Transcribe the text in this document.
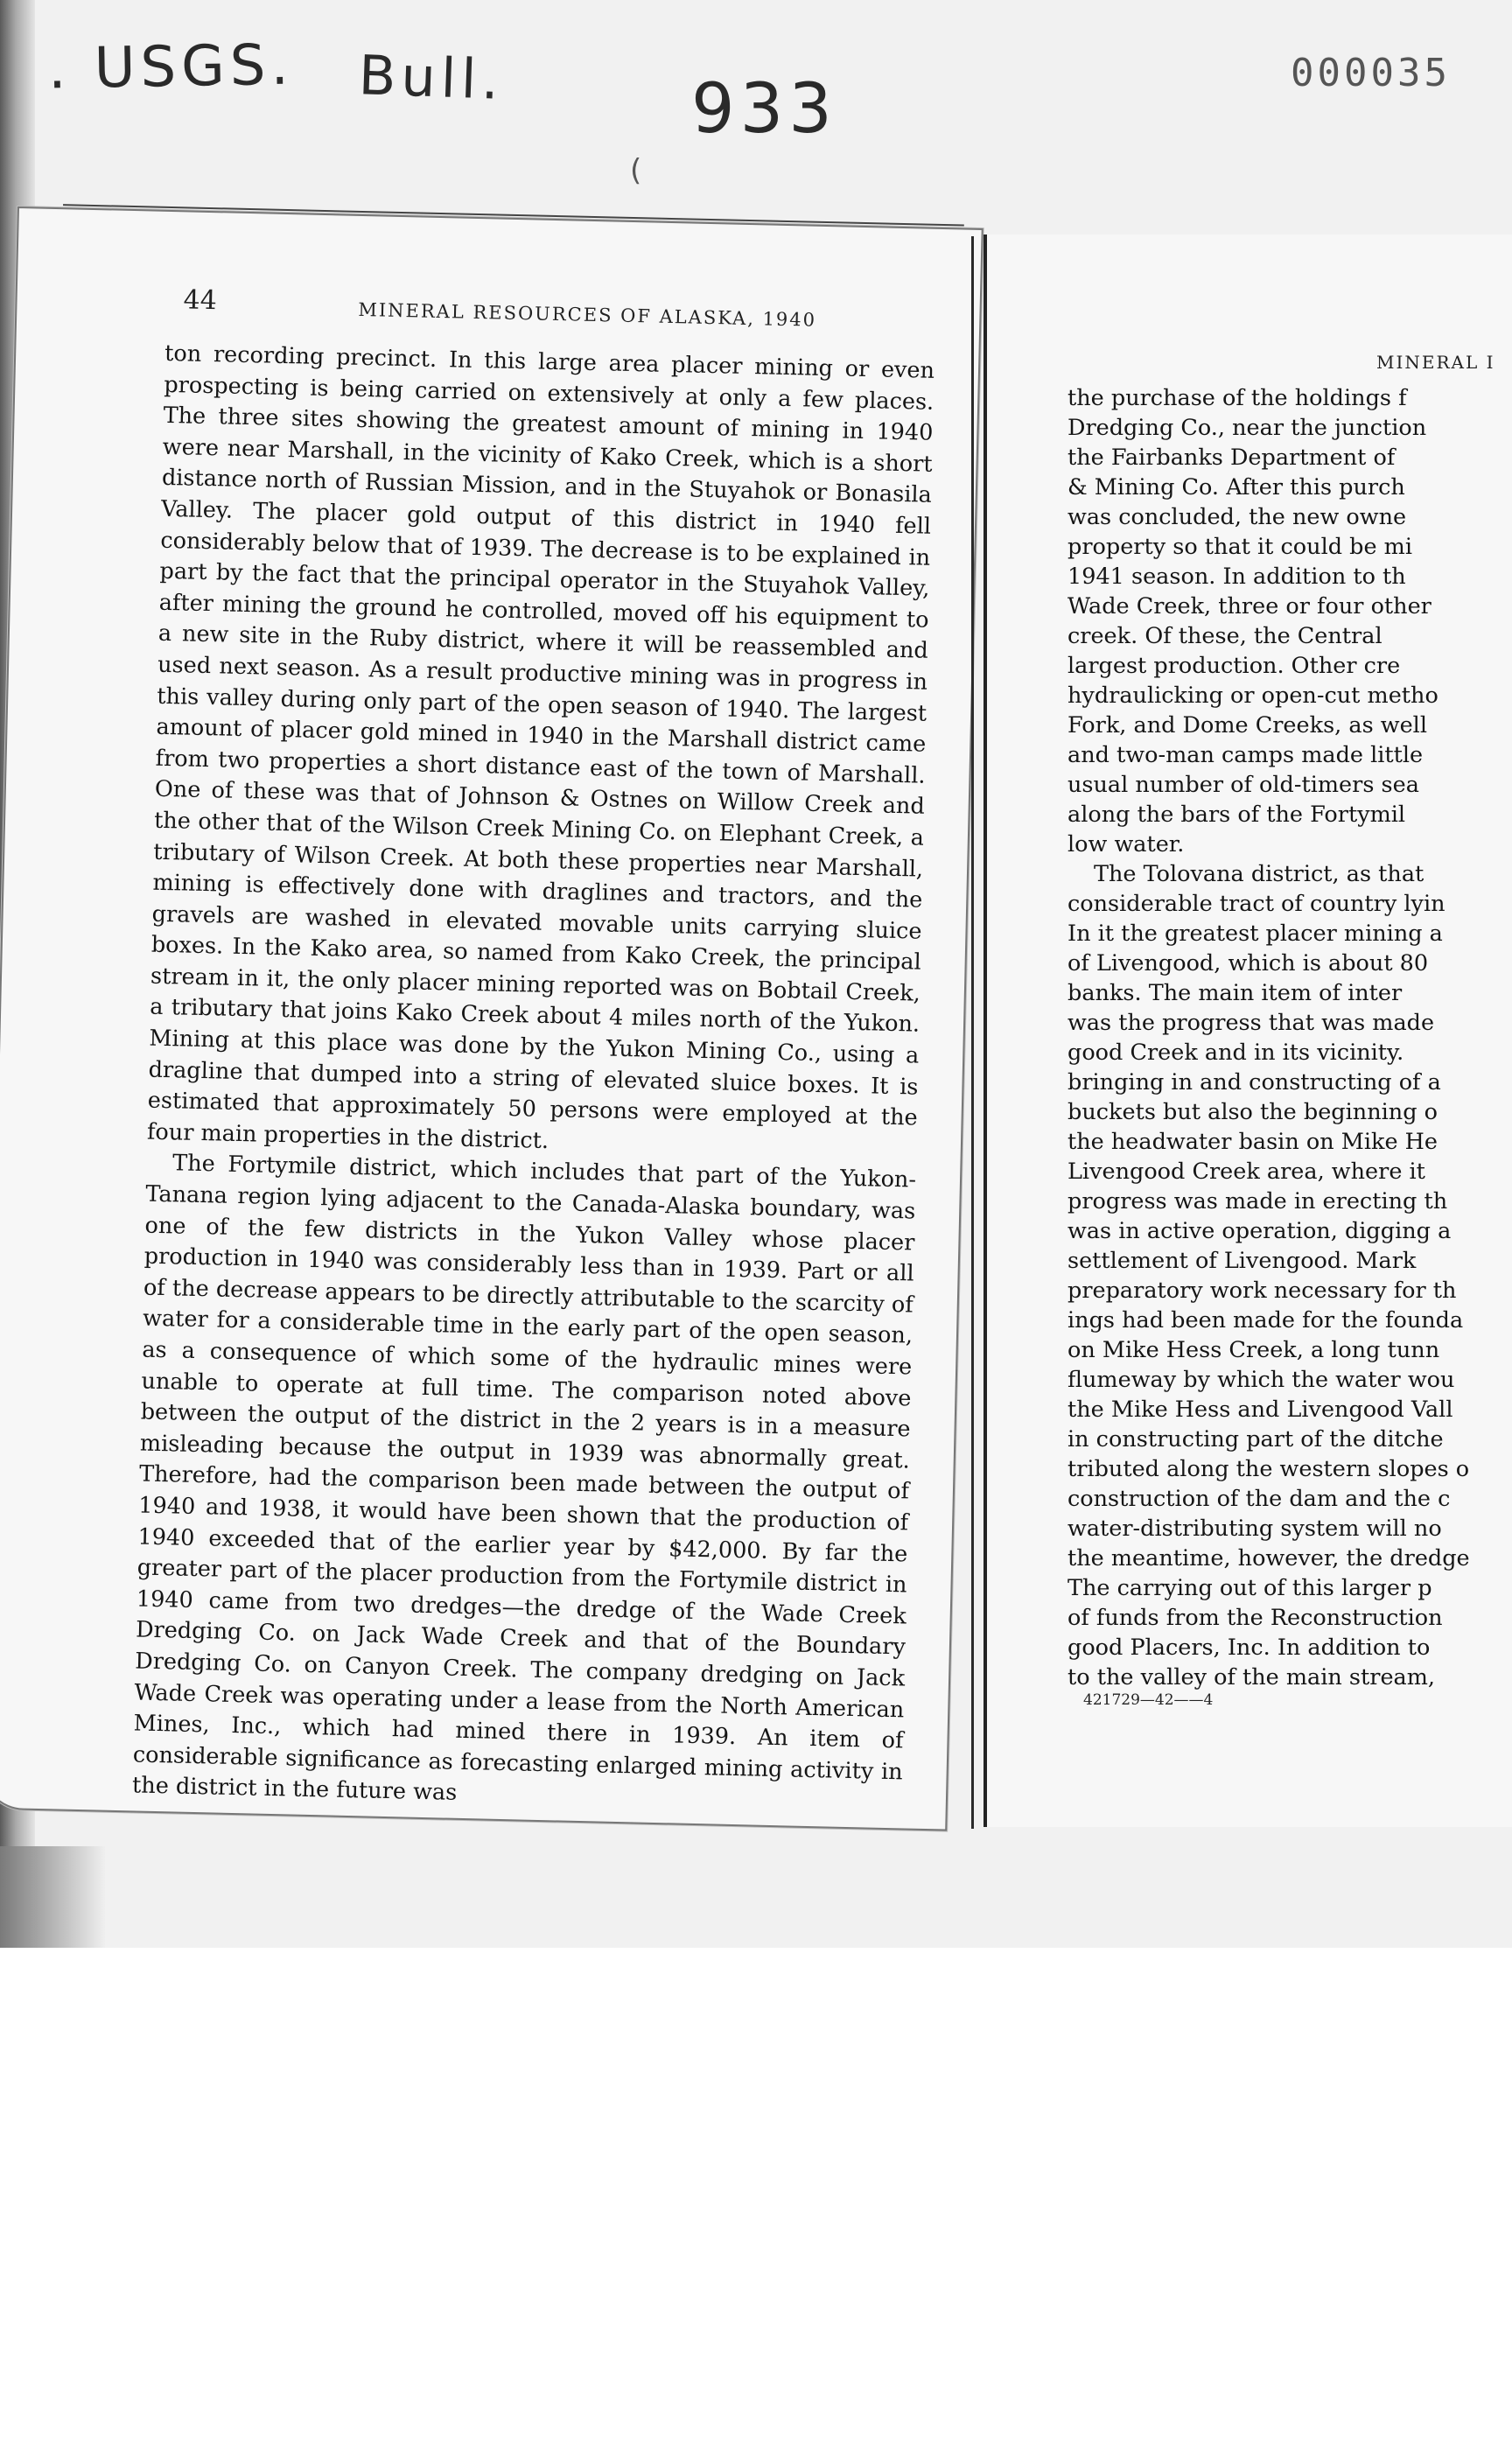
. USGS. Bull.	933
(
000035
44	MINERAL RESOURCES OF ALASKA, 1940

ton recording precinct. In this large area placer mining or even prospecting is being carried on extensively at only a few places. The three sites showing the greatest amount of mining in 1940 were near Marshall, in the vicinity of Kako Creek, which is a short distance north of Russian Mission, and in the Stuyahok or Bonasila Valley. The placer gold output of this district in 1940 fell considerably below that of 1939. The decrease is to be explained in part by the fact that the principal operator in the Stuyahok Valley, after mining the ground he controlled, moved off his equipment to a new site in the Ruby district, where it will be reassembled and used next season. As a result productive mining was in progress in this valley during only part of the open season of 1940. The largest amount of placer gold mined in 1940 in the Marshall district came from two properties a short distance east of the town of Marshall. One of these was that of Johnson & Ostnes on Willow Creek and the other that of the Wilson Creek Mining Co. on Elephant Creek, a tributary of Wilson Creek. At both these properties near Marshall, mining is effectively done with draglines and tractors, and the gravels are washed in elevated movable units carrying sluice boxes. In the Kako area, so named from Kako Creek, the principal stream in it, the only placer mining reported was on Bobtail Creek, a tributary that joins Kako Creek about 4 miles north of the Yukon. Mining at this place was done by the Yukon Mining Co., using a dragline that dumped into a string of elevated sluice boxes. It is estimated that approximately 50 persons were employed at the four main properties in the district.

The Fortymile district, which includes that part of the Yukon-Tanana region lying adjacent to the Canada-Alaska boundary, was one of the few districts in the Yukon Valley whose placer production in 1940 was considerably less than in 1939. Part or all of the decrease appears to be directly attributable to the scarcity of water for a considerable time in the early part of the open season, as a consequence of which some of the hydraulic mines were unable to operate at full time. The comparison noted above between the output of the district in the 2 years is in a measure misleading because the output in 1939 was abnormally great. Therefore, had the comparison been made between the output of 1940 and 1938, it would have been shown that the production of 1940 exceeded that of the earlier year by $42,000. By far the greater part of the placer production from the Fortymile district in 1940 came from two dredges—the dredge of the Wade Creek Dredging Co. on Jack Wade Creek and that of the Boundary Dredging Co. on Canyon Creek. The company dredging on Jack Wade Creek was operating under a lease from the North American Mines, Inc., which had mined there in 1939. An item of considerable significance as forecasting enlarged mining activity in the district in the future was

MINERAL I
the purchase of the holdings f
Dredging Co., near the junction
the Fairbanks Department of
& Mining Co. After this purch
was concluded, the new owne
property so that it could be mi
1941 season. In addition to th
Wade Creek, three or four other
creek. Of these, the Central
largest production. Other cre
hydraulicking or open-cut metho
Fork, and Dome Creeks, as well
and two-man camps made little
usual number of old-timers sea
along the bars of the Fortymil
low water.
The Tolovana district, as that
considerable tract of country lyin
In it the greatest placer mining a
of Livengood, which is about 80
banks. The main item of inter
was the progress that was made
good Creek and in its vicinity.
bringing in and constructing of a
buckets but also the beginning o
the headwater basin on Mike He
Livengood Creek area, where it
progress was made in erecting th
was in active operation, digging a
settlement of Livengood. Mark
preparatory work necessary for th
ings had been made for the founda
on Mike Hess Creek, a long tunn
flumeway by which the water wou
the Mike Hess and Livengood Vall
in constructing part of the ditche
tributed along the western slopes o
construction of the dam and the c
water-distributing system will no
the meantime, however, the dredge
The carrying out of this larger p
of funds from the Reconstruction
good Placers, Inc. In addition to
to the valley of the main stream,
421729—42——4
